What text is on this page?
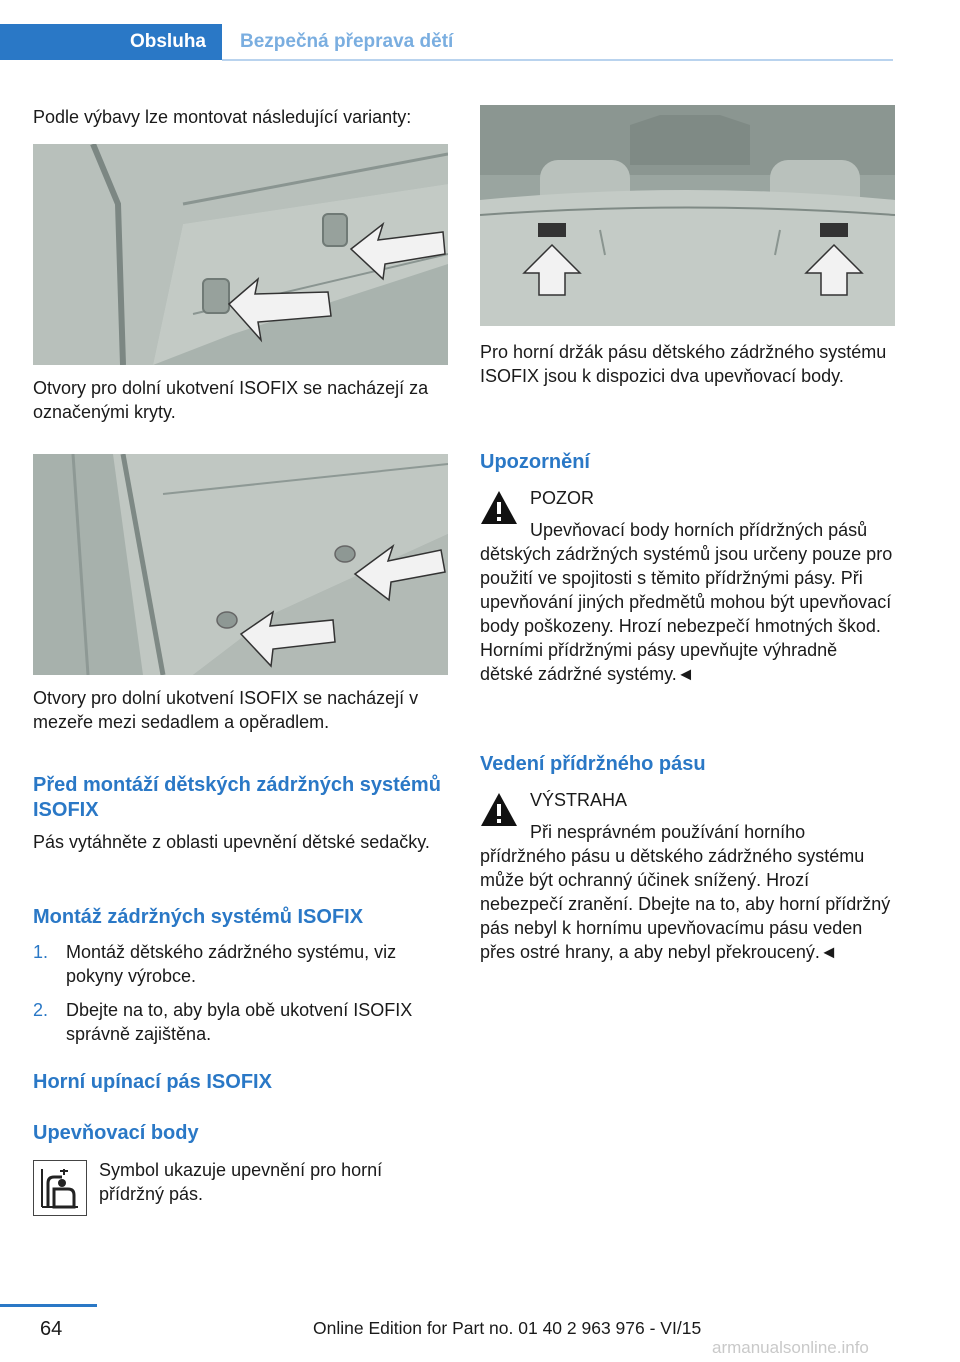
Obsluha	Bezpečná přeprava dětí

Podle výbavy lze montovat následující varianty:

Otvory pro dolní ukotvení ISOFIX se nacházejí za označenými kryty.

Otvory pro dolní ukotvení ISOFIX se nacházejí v mezeře mezi sedadlem a opěradlem.

Před montáží dětských zádržných systémů ISOFIX

Pás vytáhněte z oblasti upevnění dětské sedačky.

Montáž zádržných systémů ISOFIX
1. Montáž dětského zádržného systému, viz pokyny výrobce.

2. Dbejte na to, aby byla obě ukotvení ISOFIX správně zajištěna.

Horní upínací pás ISOFIX
Upevňovací body

Symbol ukazuje upevnění pro horní přídržný pás.

Pro horní držák pásu dětského zádržného systému ISOFIX jsou k dispozici dva upevňovací body.

Upozornění

POZOR

Upevňovací body horních přídržných pásů dětských zádržných systémů jsou určeny pouze pro použití ve spojitosti s těmito přídržnými pásy. Při upevňování jiných předmětů mohou být upevňovací body poškozeny. Hrozí nebezpečí hmotných škod. Horními přídržnými pásy upevňujte výhradně dětské zádržné systémy.◄

Vedení přídržného pásu

VÝSTRAHA

Při nesprávném používání horního přídržného pásu u dětského zádržného systému může být ochranný účinek snížený. Hrozí nebezpečí zranění. Dbejte na to, aby horní přídržný pás nebyl k hornímu upevňovacímu pásu veden přes ostré hrany, a aby nebyl překroucený.◄

64	Online Edition for Part no. 01 40 2 963 976 - VI/15
armanualsonline.info
